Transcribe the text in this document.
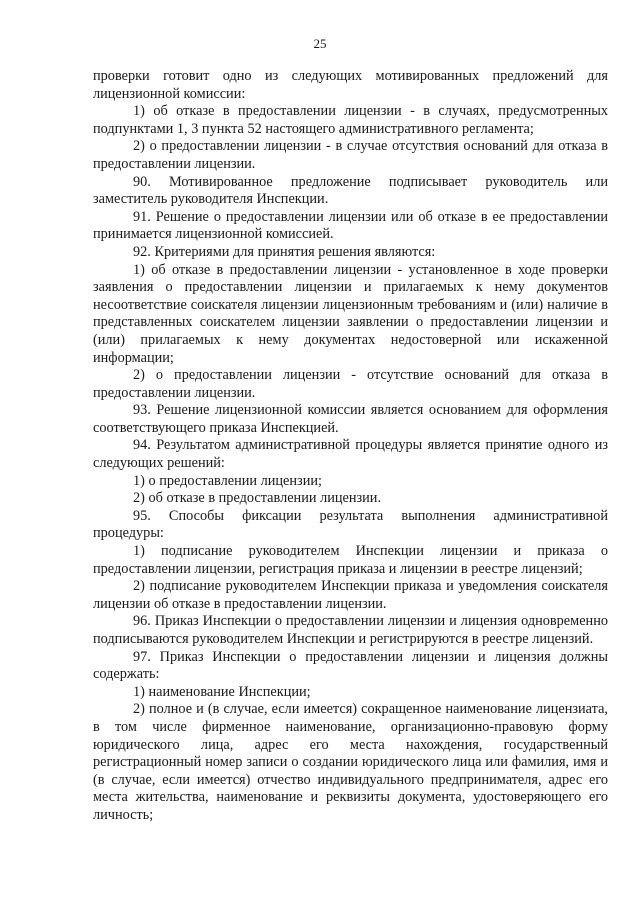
25

проверки готовит одно из следующих мотивированных предложений для лицензионной комиссии:

1) об отказе в предоставлении лицензии - в случаях, предусмотренных подпунктами 1, 3 пункта 52 настоящего административного регламента;

2) о предоставлении лицензии - в случае отсутствия оснований для отказа в предоставлении лицензии.

90. Мотивированное предложение подписывает руководитель или заместитель руководителя Инспекции.

91. Решение о предоставлении лицензии или об отказе в ее предоставлении принимается лицензионной комиссией.

92. Критериями для принятия решения являются:

1) об отказе в предоставлении лицензии - установленное в ходе проверки заявления о предоставлении лицензии и прилагаемых к нему документов несоответствие соискателя лицензии лицензионным требованиям и (или) наличие в представленных соискателем лицензии заявлении о предоставлении лицензии и (или) прилагаемых к нему документах недостоверной или искаженной информации;

2) о предоставлении лицензии - отсутствие оснований для отказа в предоставлении лицензии.

93. Решение лицензионной комиссии является основанием для оформления соответствующего приказа Инспекцией.

94. Результатом административной процедуры является принятие одного из следующих решений:

1) о предоставлении лицензии;

2) об отказе в предоставлении лицензии.

95. Способы фиксации результата выполнения административной процедуры:

1) подписание руководителем Инспекции лицензии и приказа о предоставлении лицензии, регистрация приказа и лицензии в реестре лицензий;

2) подписание руководителем Инспекции приказа и уведомления соискателя лицензии об отказе в предоставлении лицензии.

96. Приказ Инспекции о предоставлении лицензии и лицензия одновременно подписываются руководителем Инспекции и регистрируются в реестре лицензий.

97. Приказ Инспекции о предоставлении лицензии и лицензия должны содержать:

1) наименование Инспекции;

2) полное и (в случае, если имеется) сокращенное наименование лицензиата, в том числе фирменное наименование, организационно-правовую форму юридического лица, адрес его места нахождения, государственный регистрационный номер записи о создании юридического лица или фамилия, имя и (в случае, если имеется) отчество индивидуального предпринимателя, адрес его места жительства, наименование и реквизиты документа, удостоверяющего его личность;
